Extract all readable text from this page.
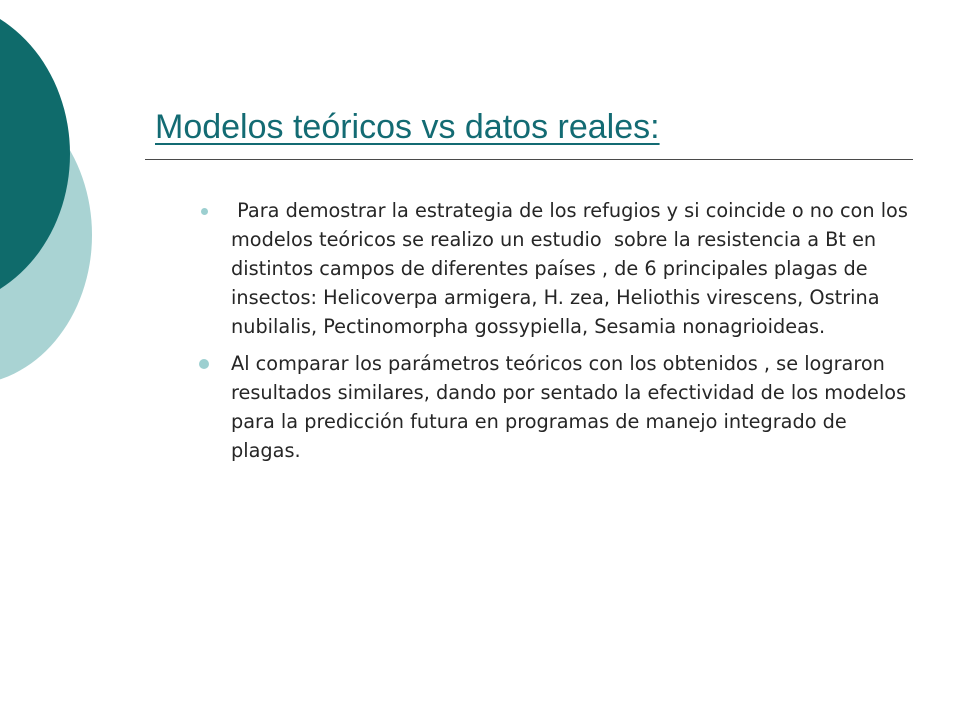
Modelos teóricos vs datos reales:
Para demostrar la estrategia de los refugios y si coincide o no con los modelos teóricos se realizo un estudio  sobre la resistencia a Bt en distintos campos de diferentes países , de 6 principales plagas de insectos: Helicoverpa armigera, H. zea, Heliothis virescens, Ostrina nubilalis, Pectinomorpha gossypiella, Sesamia nonagrioideas.
Al comparar los parámetros teóricos con los obtenidos , se lograron resultados similares, dando por sentado la efectividad de los modelos para la predicción futura en programas de manejo integrado de plagas.
